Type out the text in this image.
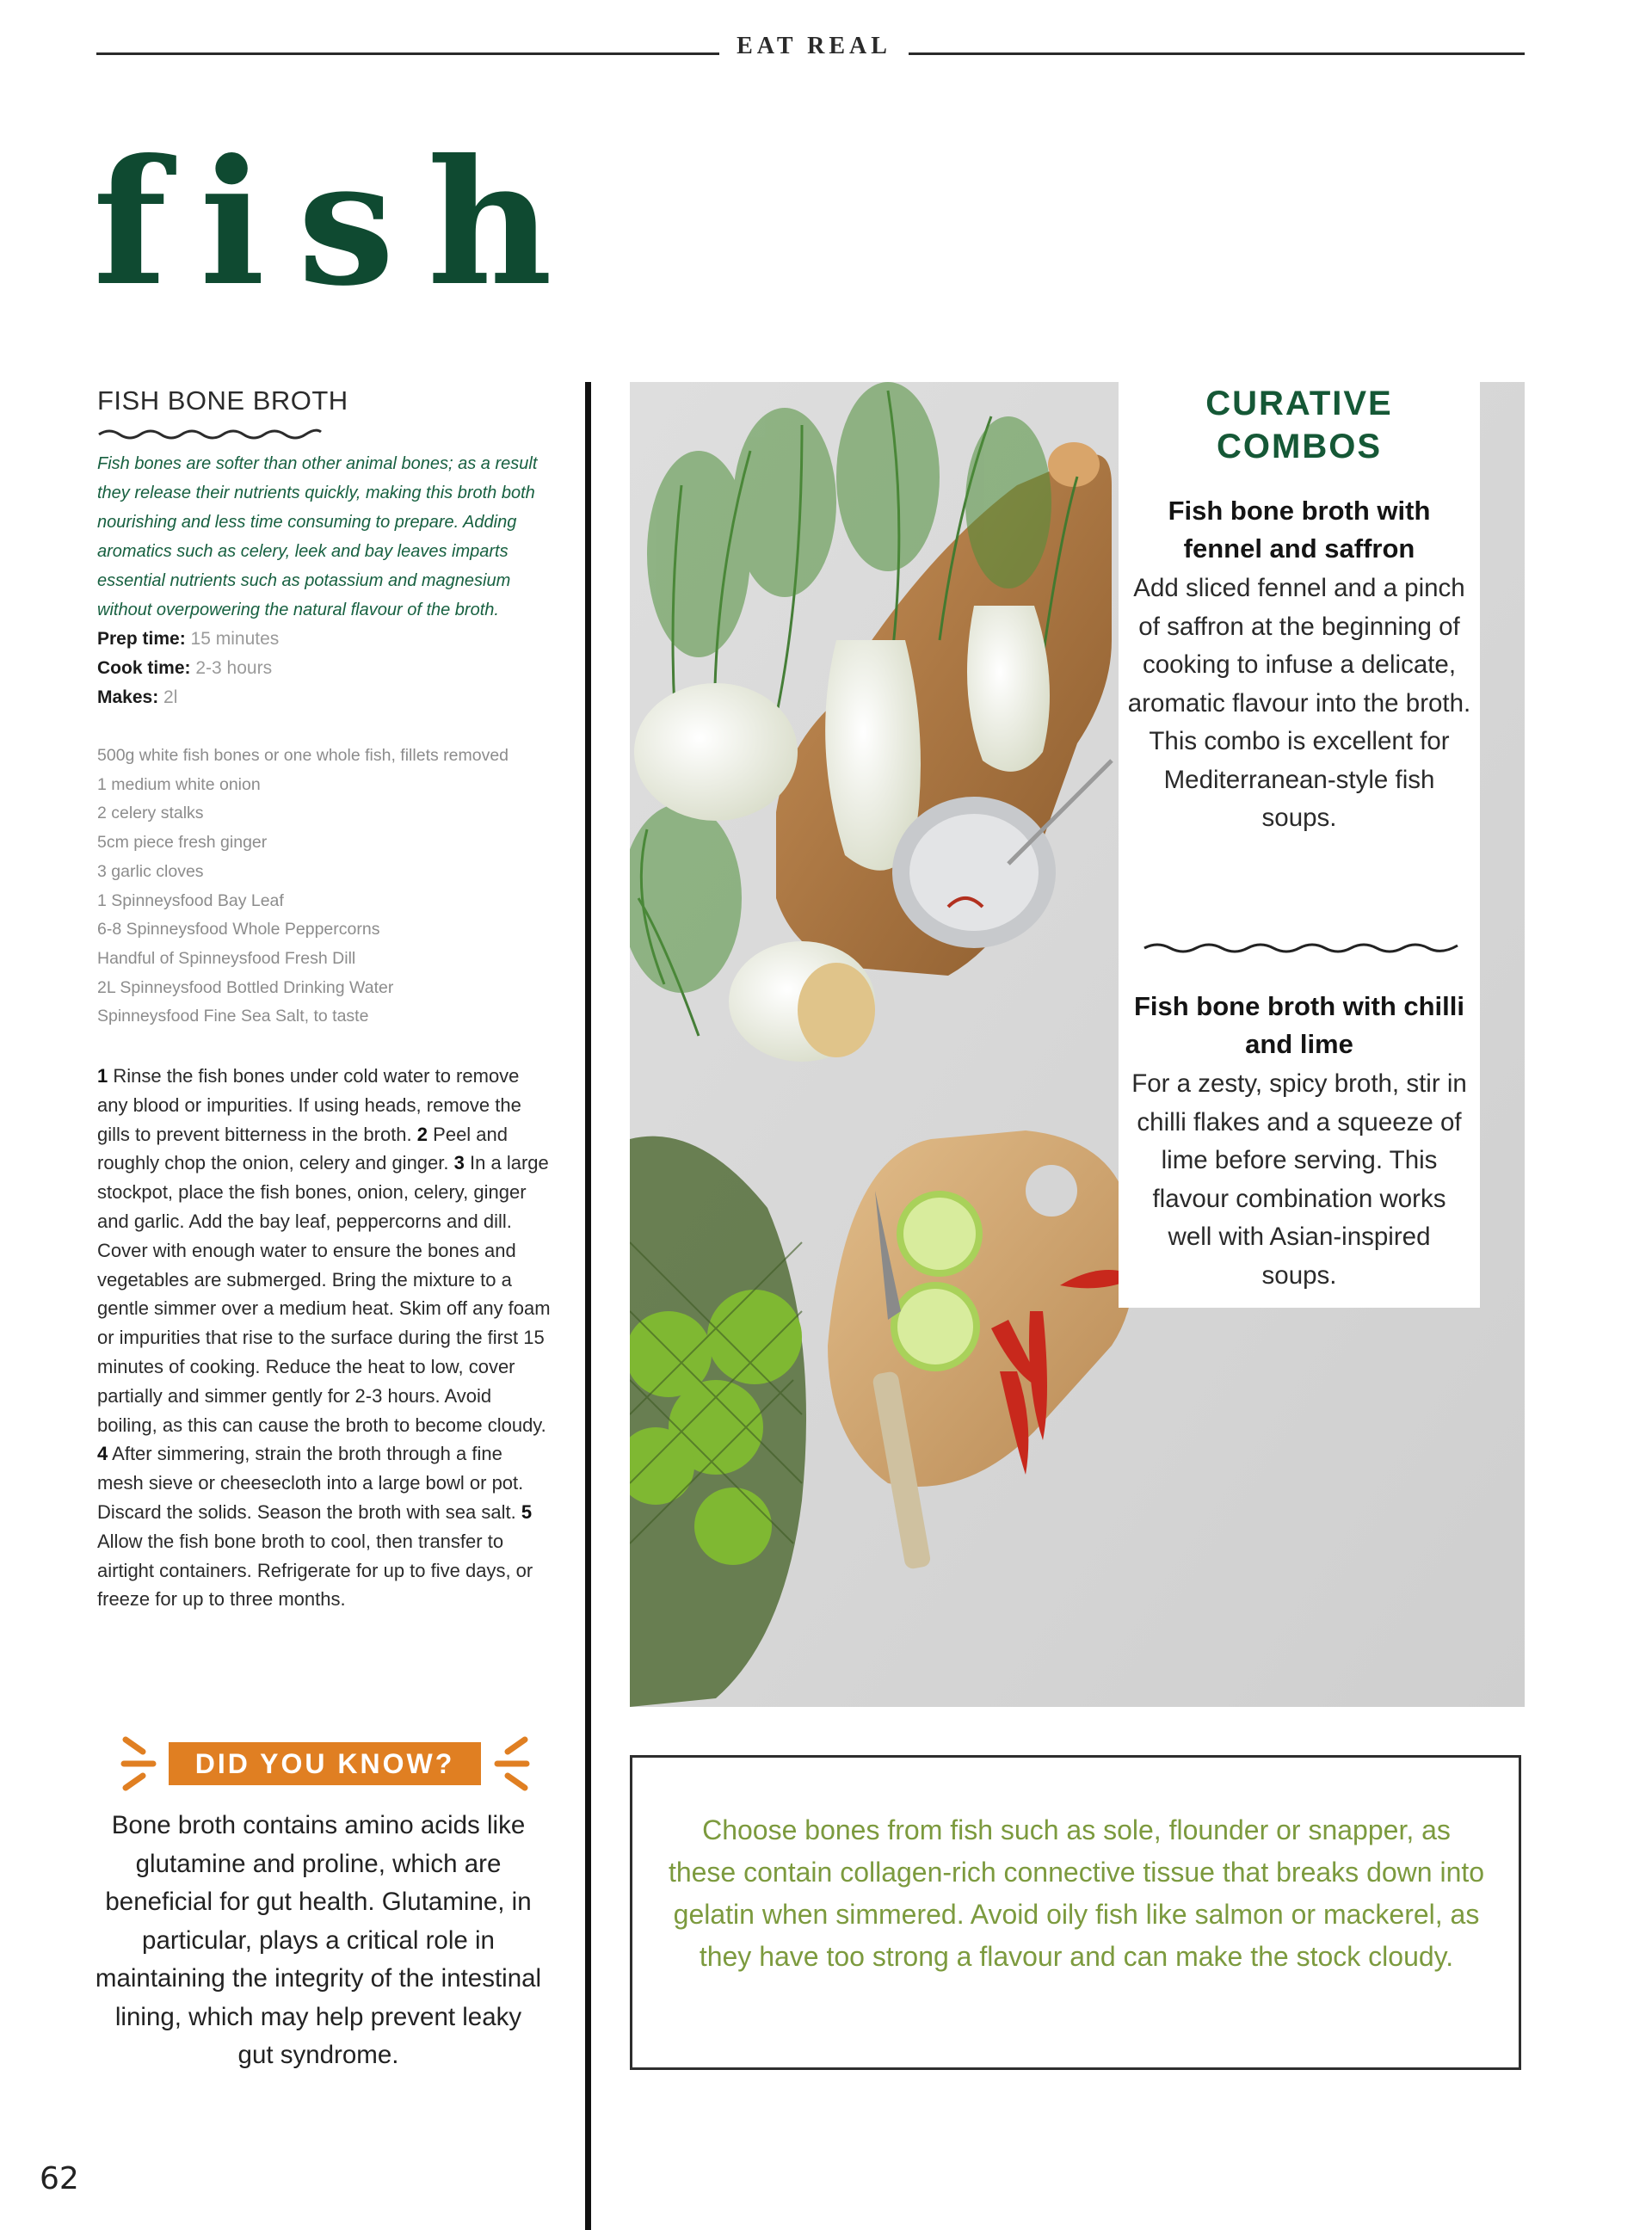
EAT REAL
fish
FISH BONE BROTH
Fish bones are softer than other animal bones; as a result they release their nutrients quickly, making this broth both nourishing and less time consuming to prepare. Adding aromatics such as celery, leek and bay leaves imparts essential nutrients such as potassium and magnesium without overpowering the natural flavour of the broth.
Prep time: 15 minutes
Cook time: 2-3 hours
Makes: 2l
500g white fish bones or one whole fish, fillets removed
1 medium white onion
2 celery stalks
5cm piece fresh ginger
3 garlic cloves
1 Spinneysfood Bay Leaf
6-8 Spinneysfood Whole Peppercorns
Handful of Spinneysfood Fresh Dill
2L Spinneysfood Bottled Drinking Water
Spinneysfood Fine Sea Salt, to taste
1 Rinse the fish bones under cold water to remove any blood or impurities. If using heads, remove the gills to prevent bitterness in the broth. 2 Peel and roughly chop the onion, celery and ginger. 3 In a large stockpot, place the fish bones, onion, celery, ginger and garlic. Add the bay leaf, peppercorns and dill. Cover with enough water to ensure the bones and vegetables are submerged. Bring the mixture to a gentle simmer over a medium heat. Skim off any foam or impurities that rise to the surface during the first 15 minutes of cooking. Reduce the heat to low, cover partially and simmer gently for 2-3 hours. Avoid boiling, as this can cause the broth to become cloudy.
4 After simmering, strain the broth through a fine mesh sieve or cheesecloth into a large bowl or pot. Discard the solids. Season the broth with sea salt. 5 Allow the fish bone broth to cool, then transfer to airtight containers. Refrigerate for up to five days, or freeze for up to three months.
DID YOU KNOW?
Bone broth contains amino acids like glutamine and proline, which are beneficial for gut health. Glutamine, in particular, plays a critical role in maintaining the integrity of the intestinal lining, which may help prevent leaky gut syndrome.
62
CURATIVE
COMBOS
Fish bone broth with fennel and saffron
Add sliced fennel and a pinch of saffron at the beginning of cooking to infuse a delicate, aromatic flavour into the broth. This combo is excellent for Mediterranean-style fish soups.
Fish bone broth with chilli and lime
For a zesty, spicy broth, stir in chilli flakes and a squeeze of lime before serving. This flavour combination works well with Asian-inspired soups.
Choose bones from fish such as sole, flounder or snapper, as these contain collagen-rich connective tissue that breaks down into gelatin when simmered. Avoid oily fish like salmon or mackerel, as they have too strong a flavour and can make the stock cloudy.
